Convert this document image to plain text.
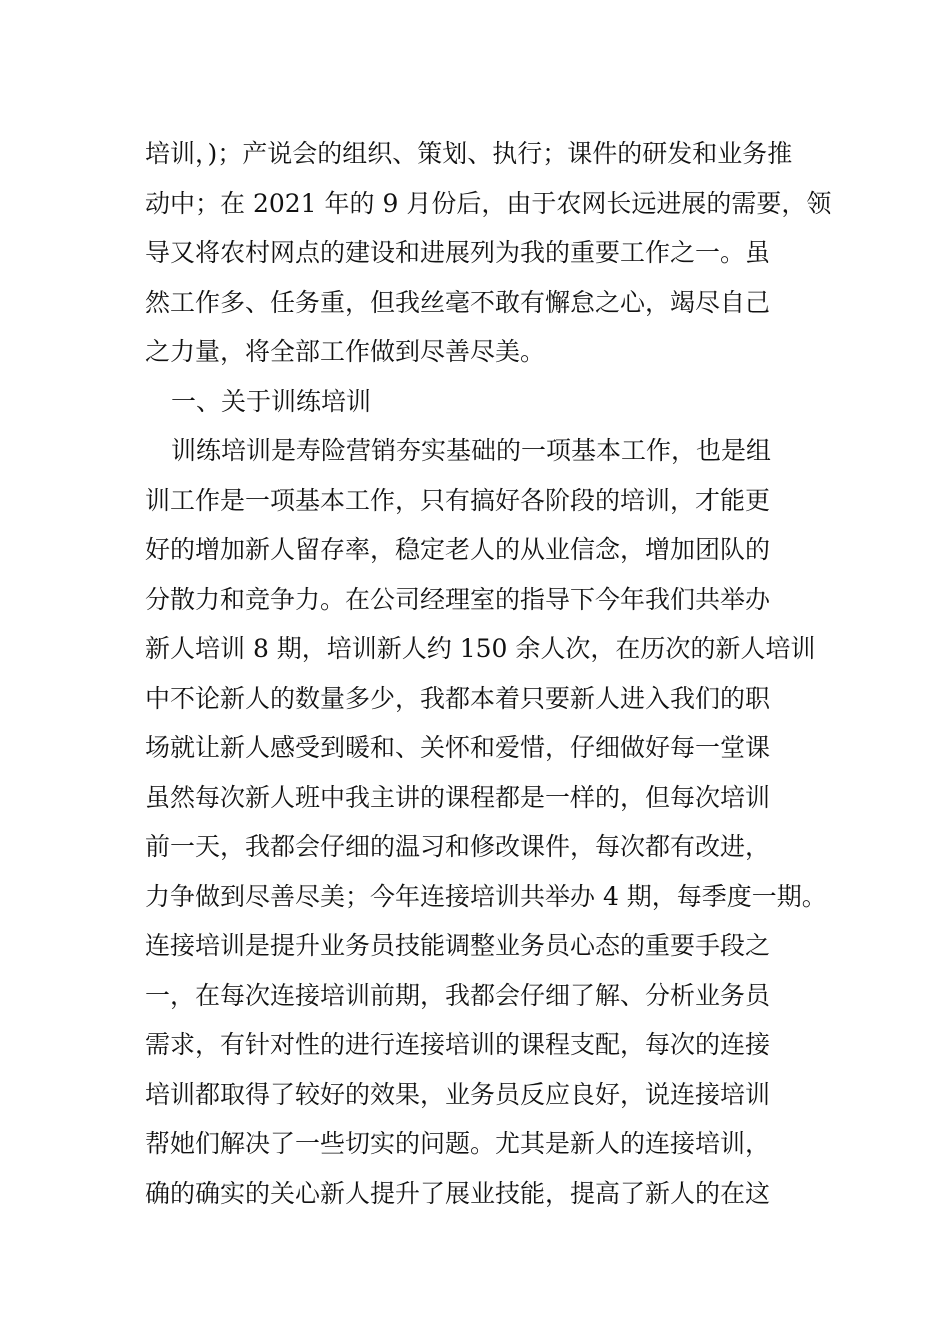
培训，)；产说会的组织、策划、执行；课件的研发和业务推
动中；在 2021 年的 9 月份后，由于农网长远进展的需要，领
导又将农村网点的建设和进展列为我的重要工作之一。虽
然工作多、任务重，但我丝毫不敢有懈怠之心，竭尽自己
之力量，将全部工作做到尽善尽美。
一、关于训练培训
训练培训是寿险营销夯实基础的一项基本工作，也是组
训工作是一项基本工作，只有搞好各阶段的培训，才能更
好的增加新人留存率，稳定老人的从业信念，增加团队的
分散力和竞争力。在公司经理室的指导下今年我们共举办
新人培训 8 期，培训新人约 150 余人次，在历次的新人培训
中不论新人的数量多少，我都本着只要新人进入我们的职
场就让新人感受到暖和、关怀和爱惜，仔细做好每一堂课
虽然每次新人班中我主讲的课程都是一样的，但每次培训
前一天，我都会仔细的温习和修改课件，每次都有改进，
力争做到尽善尽美；今年连接培训共举办 4 期，每季度一期。
连接培训是提升业务员技能调整业务员心态的重要手段之
一，在每次连接培训前期，我都会仔细了解、分析业务员
需求，有针对性的进行连接培训的课程支配，每次的连接
培训都取得了较好的效果，业务员反应良好，说连接培训
帮她们解决了一些切实的问题。尤其是新人的连接培训，
确的确实的关心新人提升了展业技能，提高了新人的在这
